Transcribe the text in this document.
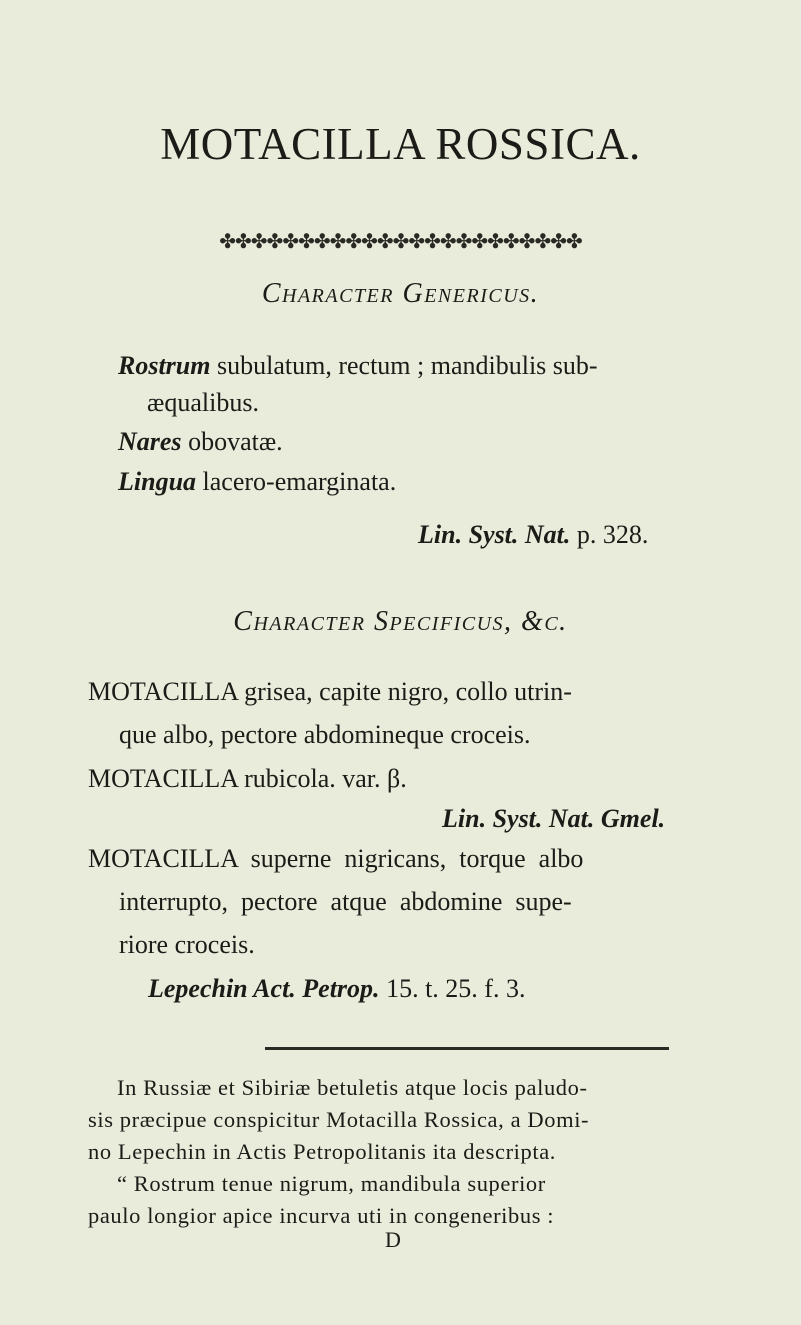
MOTACILLA ROSSICA.
✤✤✤✤✤✤✤✤✤✤✤✤✤✤✤✤✤✤✤✤✤✤✤
Character Genericus.
Rostrum subulatum, rectum ; mandibulis sub-
æqualibus.
Nares obovatæ.
Lingua lacero-emarginata.
Lin. Syst. Nat. p. 328.
Character Specificus, &c.
MOTACILLA grisea, capite nigro, collo utrin-
que albo, pectore abdomineque croceis.
MOTACILLA rubicola. var. β.
Lin. Syst. Nat. Gmel.
MOTACILLA  superne  nigricans,  torque  albo
interrupto,  pectore  atque  abdomine  supe-
riore croceis.
Lepechin Act. Petrop. 15. t. 25. f. 3.
In Russiæ et Sibiriæ betuletis atque locis paludo-
sis præcipue conspicitur Motacilla Rossica, a Domi-
no Lepechin in Actis Petropolitanis ita descripta.
“ Rostrum tenue nigrum, mandibula superior
paulo longior apice incurva uti in congeneribus :
D
